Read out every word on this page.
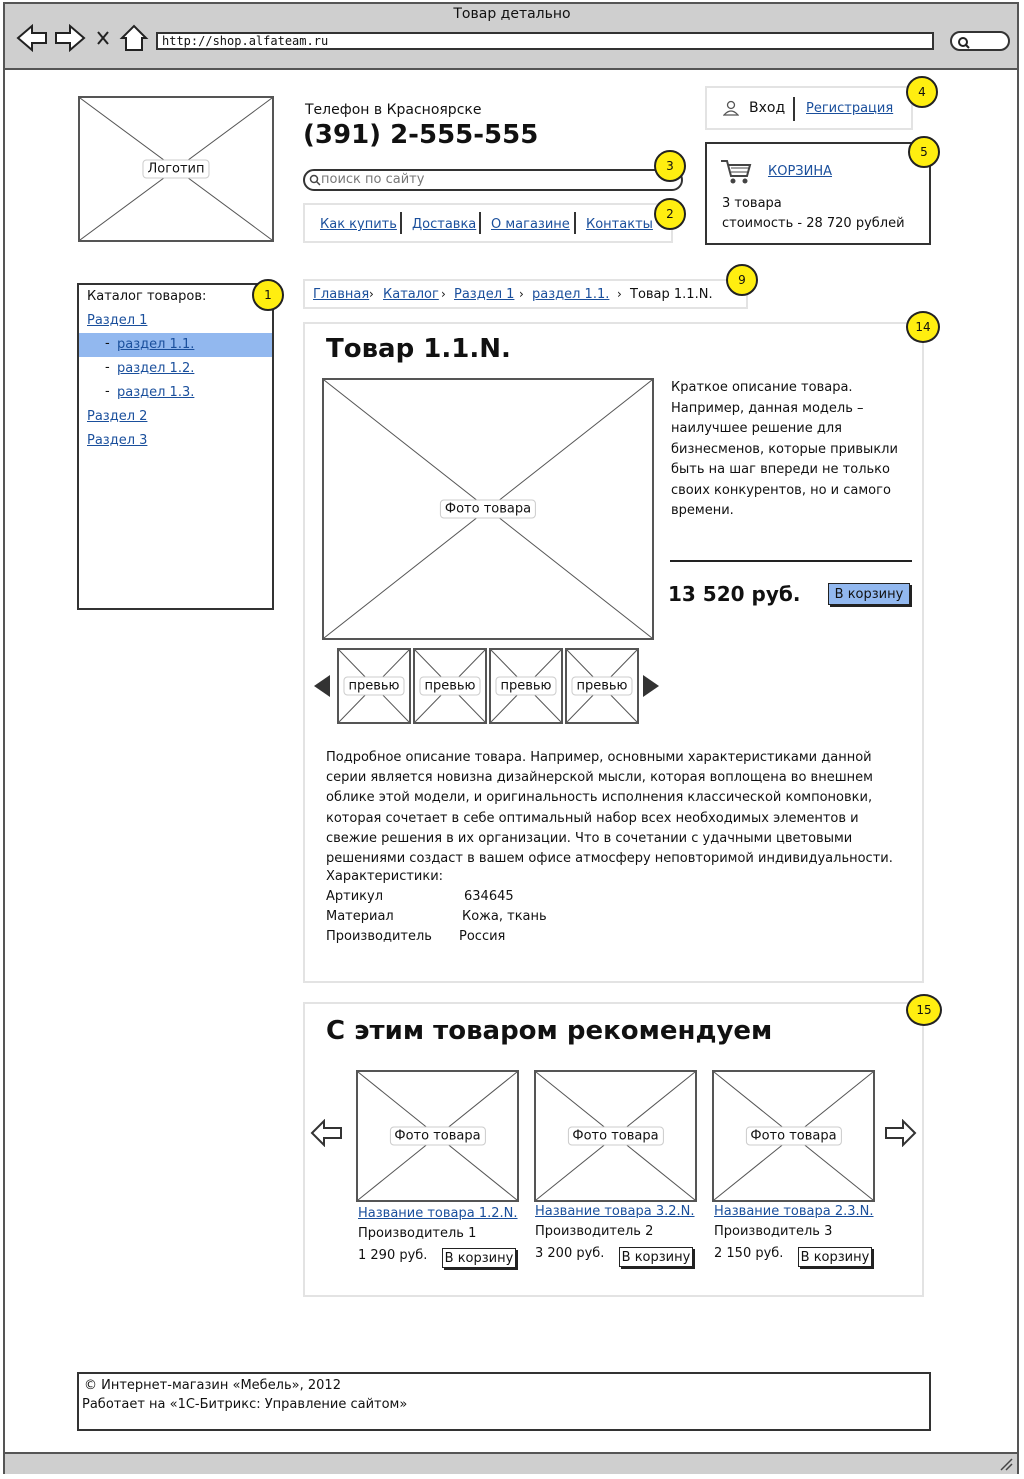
Товар детально
http://shop.alfateam.ru
Логотип
Телефон в Красноярске
(391) 2-555-555
поиск по сайту
Как купить Доставка О магазине Контакты
Вход Регистрация
КОРЗИНА
3 товара
стоимость - 28 720 рублей
Каталог товаров:
Раздел 1
- раздел 1.1.
- раздел 1.2.
- раздел 1.3.
Раздел 2
Раздел 3
Главная › Каталог › Раздел 1 › раздел 1.1. › Товар 1.1.N.
Товар 1.1.N.
Фото товара
Краткое описание товара. Например, данная модель – наилучшее решение для бизнесменов, которые привыкли быть на шаг впереди не только своих конкурентов, но и самого времени.
13 520 руб.	В корзину
превью	превью	превью	превью
Подробное описание товара. Например, основными характеристиками данной серии является новизна дизайнерской мысли, которая воплощена во внешнем облике этой модели, и оригинальность исполнения классической компоновки, которая сочетает в себе оптимальный набор всех необходимых элементов и свежие решения в их организации. Что в сочетании с удачными цветовыми решениями создаст в вашем офисе атмосферу неповторимой индивидуальности.
Характеристики:
Артикул	634645
Материал	Кожа, ткань
Производитель Россия
С этим товаром рекомендуем
Фото товара
Название товара 1.2.N.
Производитель 1
1 290 руб. В корзину
Фото товара
Название товара 3.2.N.
Производитель 2
3 200 руб. В корзину
Фото товара
Название товара 2.3.N.
Производитель 3
2 150 руб. В корзину
© Интернет-магазин «Мебель», 2012
Работает на «1С-Битрикс: Управление сайтом»
1
2
3
4
5
9
14
15
